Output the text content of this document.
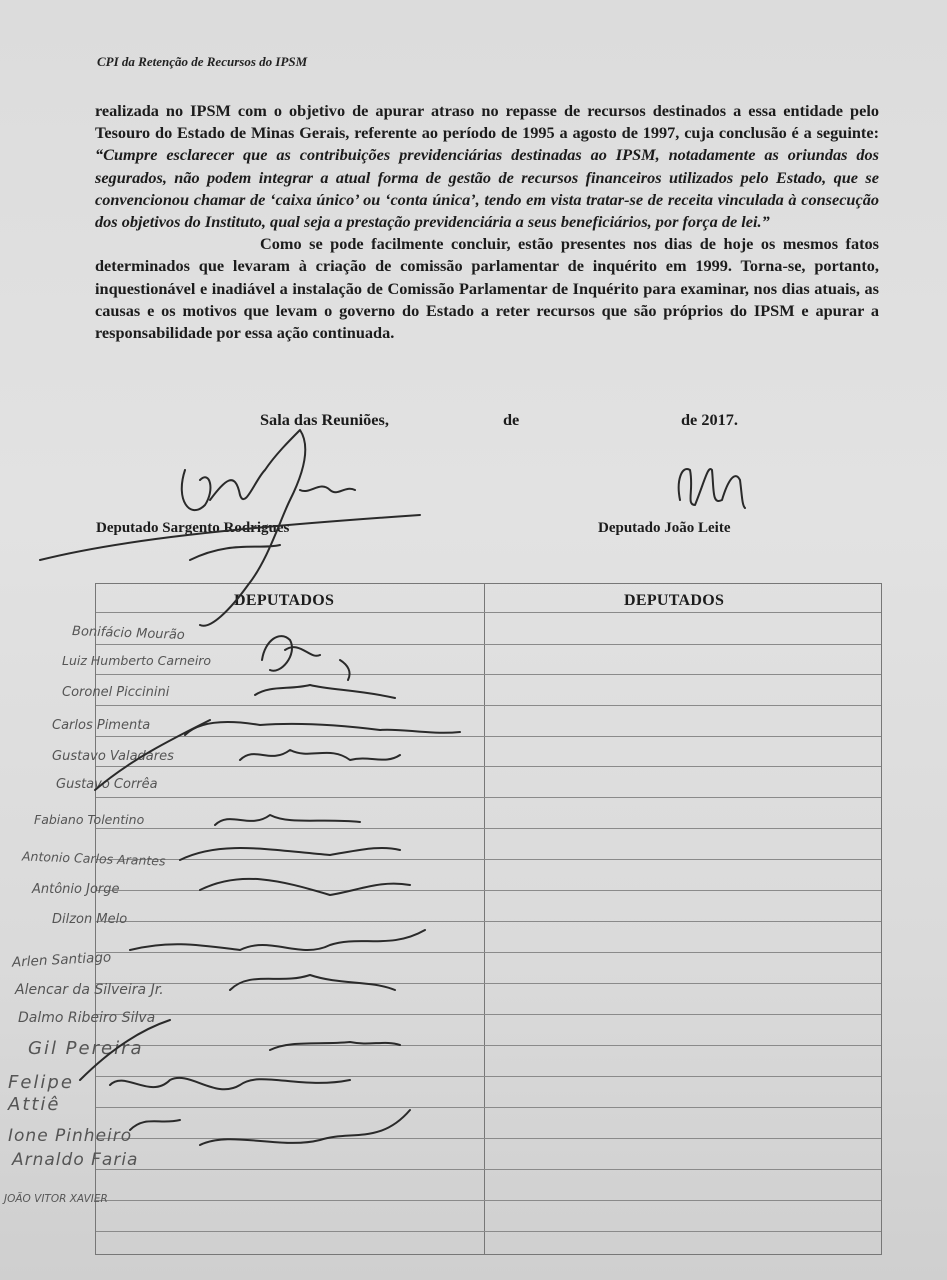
CPI da Retenção de Recursos do IPSM

realizada no IPSM com o objetivo de apurar atraso no repasse de recursos destinados a essa entidade pelo Tesouro do Estado de Minas Gerais, referente ao período de 1995 a agosto de 1997, cuja conclusão é a seguinte: “Cumpre esclarecer que as contribuições previdenciárias destinadas ao IPSM, notadamente as oriundas dos segurados, não podem integrar a atual forma de gestão de recursos financeiros utilizados pelo Estado, que se convencionou chamar de ‘caixa único’ ou ‘conta única’, tendo em vista tratar-se de receita vinculada à consecução dos objetivos do Instituto, qual seja a prestação previdenciária a seus beneficiários, por força de lei.”

Como se pode facilmente concluir, estão presentes nos dias de hoje os mesmos fatos determinados que levaram à criação de comissão parlamentar de inquérito em 1999. Torna-se, portanto, inquestionável e inadiável a instalação de Comissão Parlamentar de Inquérito para examinar, nos dias atuais, as causas e os motivos que levam o governo do Estado a reter recursos que são próprios do IPSM e apurar a responsabilidade por essa ação continuada.

Sala das Reuniões,	de	de 2017.
Deputado Sargento Rodrigues	Deputado João Leite
DEPUTADOS	DEPUTADOS
Bonifácio Mourão
Luiz Humberto Carneiro
Coronel Piccinini
Carlos Pimenta
Gustavo Valadares
Gustavo Corrêa
Fabiano Tolentino
Antonio Carlos Arantes
Antônio Jorge
Dilzon Melo
Arlen Santiago
Alencar da Silveira Jr.
Dalmo Ribeiro Silva
Gil Pereira
Felipe Attiê
Ione Pinheiro
Arnaldo Faria
JOÃO VITOR XAVIER
